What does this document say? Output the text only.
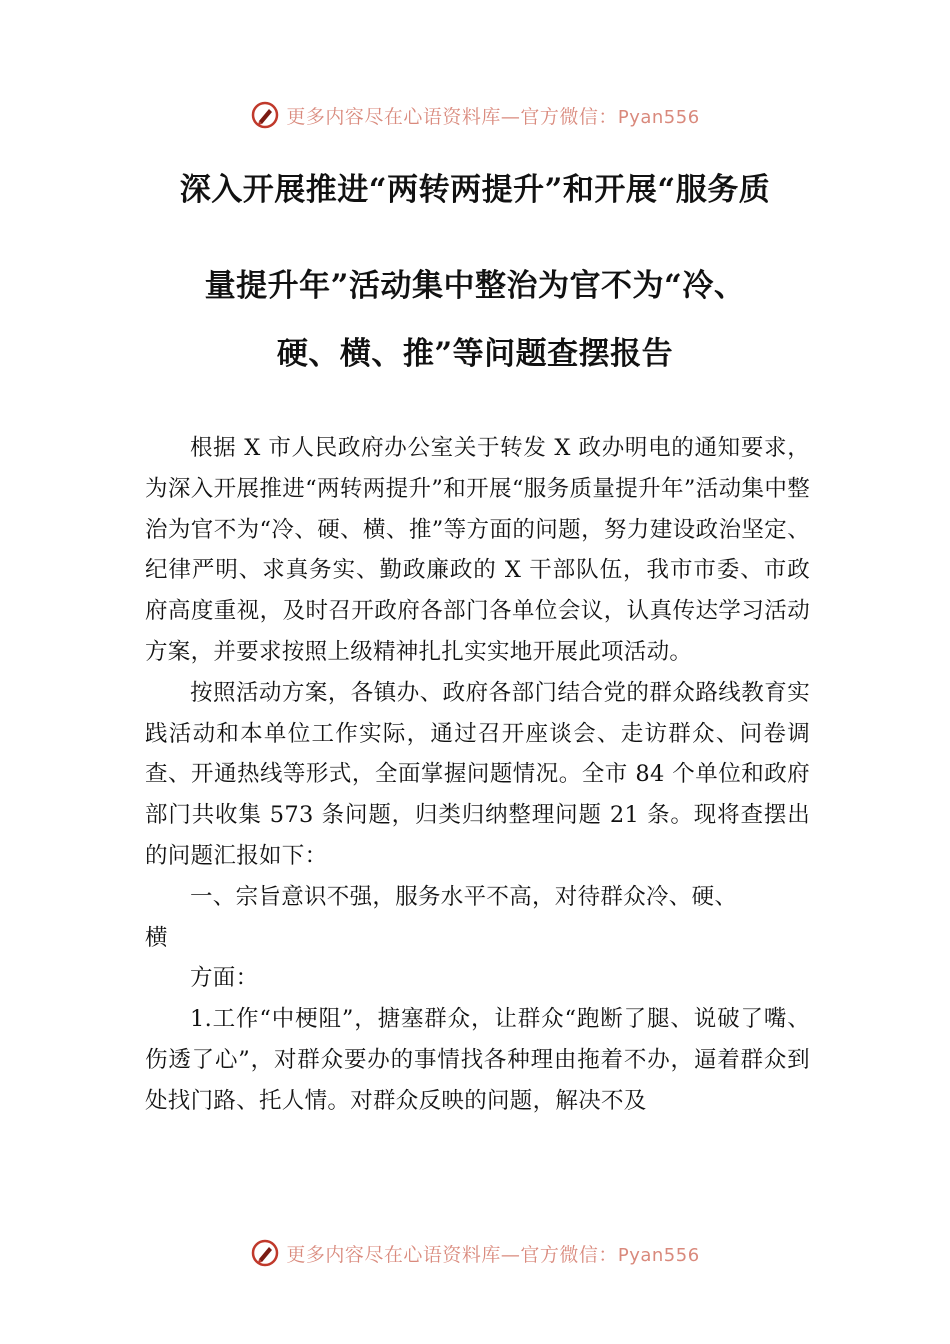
更多内容尽在心语资料库—官方微信：Pyan556
深入开展推进“两转两提升”和开展“服务质
量提升年”活动集中整治为官不为“冷、
硬、横、推”等问题查摆报告

根据 X 市人民政府办公室关于转发 X 政办明电的通知要求，为深入开展推进“两转两提升”和开展“服务质量提升年”活动集中整治为官不为“冷、硬、横、推”等方面的问题，努力建设政治坚定、纪律严明、求真务实、勤政廉政的 X 干部队伍，我市市委、市政府高度重视，及时召开政府各部门各单位会议，认真传达学习活动方案，并要求按照上级精神扎扎实实地开展此项活动。

按照活动方案，各镇办、政府各部门结合党的群众路线教育实践活动和本单位工作实际，通过召开座谈会、走访群众、问卷调查、开通热线等形式，全面掌握问题情况。全市 84 个单位和政府部门共收集 573 条问题，归类归纳整理问题 21 条。现将查摆出的问题汇报如下：

一、宗旨意识不强，服务水平不高，对待群众冷、硬、

横

方面：

1.工作“中梗阻”，搪塞群众，让群众“跑断了腿、说破了嘴、伤透了心”，对群众要办的事情找各种理由拖着不办，逼着群众到处找门路、托人情。对群众反映的问题，解决不及

更多内容尽在心语资料库—官方微信：Pyan556
